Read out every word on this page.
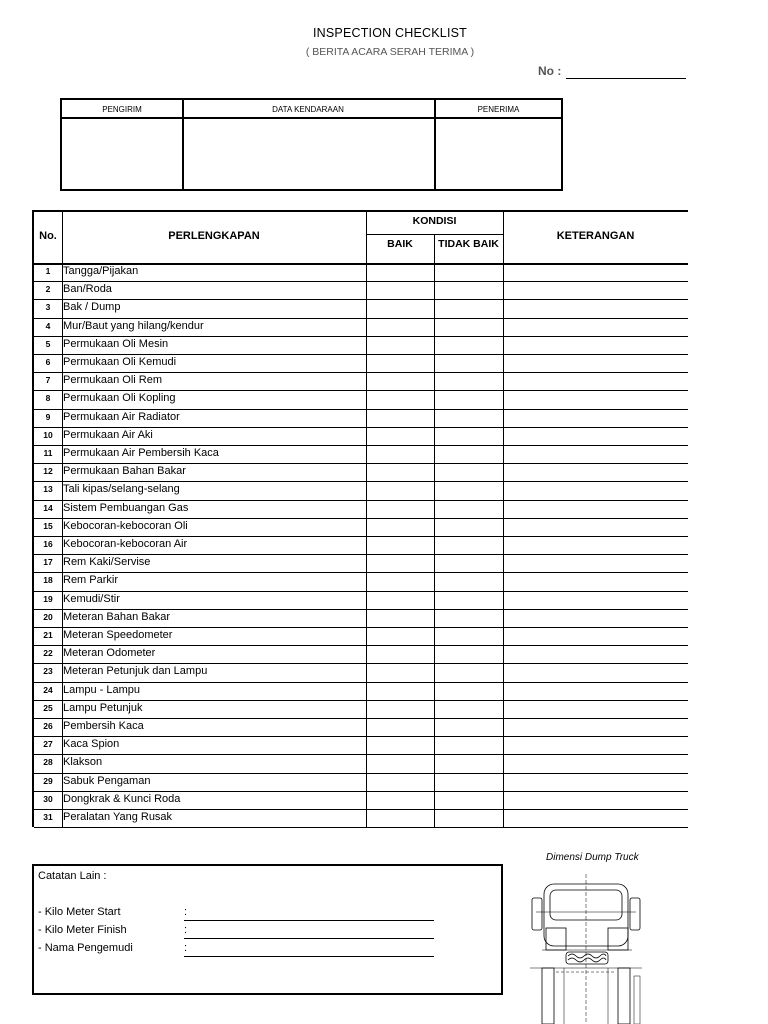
INSPECTION CHECKLIST
( BERITA ACARA SERAH TERIMA )
No :
PENGIRIM	DATA KENDARAAN	PENERIMA
No.	PERLENGKAPAN
KONDISI
BAIK	TIDAK BAIK
KETERANGAN
1	Tangga/Pijakan
2	Ban/Roda
3	Bak / Dump
4	Mur/Baut yang hilang/kendur
5	Permukaan Oli Mesin
6	Permukaan Oli Kemudi
7	Permukaan Oli Rem
8	Permukaan Oli Kopling
9	Permukaan Air Radiator
10 Permukaan Air Aki
11 Permukaan Air Pembersih Kaca
12 Permukaan Bahan Bakar
13 Tali kipas/selang-selang
14 Sistem Pembuangan Gas
15 Kebocoran-kebocoran Oli
16 Kebocoran-kebocoran Air
17 Rem Kaki/Servise
18 Rem Parkir
19 Kemudi/Stir
20 Meteran Bahan Bakar
21 Meteran Speedometer
22 Meteran Odometer
23 Meteran Petunjuk dan Lampu
24 Lampu - Lampu
25 Lampu Petunjuk
26 Pembersih Kaca
27 Kaca Spion
28 Klakson
29 Sabuk Pengaman
30 Dongkrak & Kunci Roda
31 Peralatan Yang Rusak
Catatan Lain :
- Kilo Meter Start	:
- Kilo Meter Finish	:
- Nama Pengemudi	:
Dimensi Dump Truck
